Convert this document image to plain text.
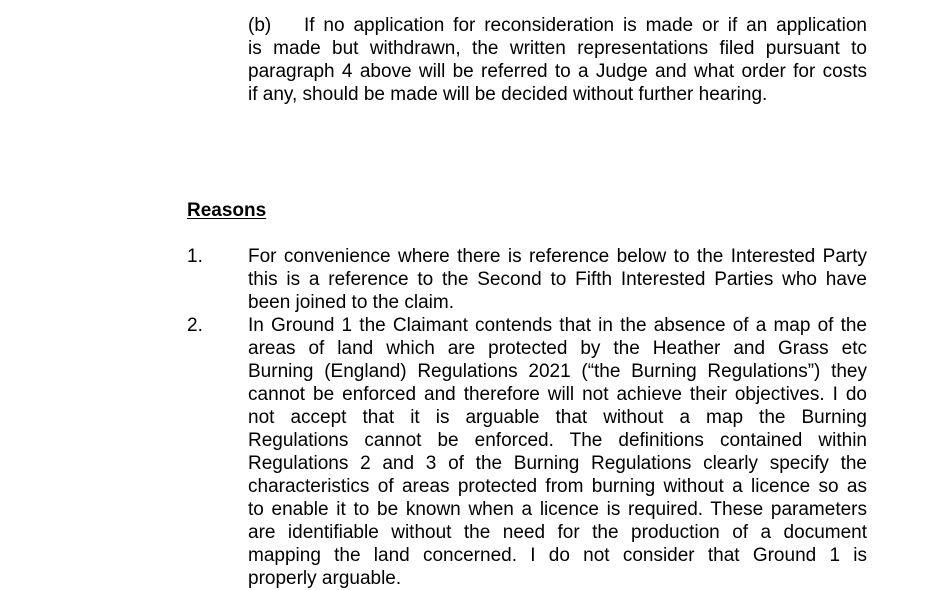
(b) If no application for reconsideration is made or if an application
is made but withdrawn, the written representations filed pursuant to
paragraph 4 above will be referred to a Judge and what order for costs
if any, should be made will be decided without further hearing.
Reasons
1. For convenience where there is reference below to the Interested Party
this is a reference to the Second to Fifth Interested Parties who have
been joined to the claim.
2. In Ground 1 the Claimant contends that in the absence of a map of the
areas of land which are protected by the Heather and Grass etc
Burning (England) Regulations 2021 (“the Burning Regulations”) they
cannot be enforced and therefore will not achieve their objectives. I do
not accept that it is arguable that without a map the Burning
Regulations cannot be enforced. The definitions contained within
Regulations 2 and 3 of the Burning Regulations clearly specify the
characteristics of areas protected from burning without a licence so as
to enable it to be known when a licence is required. These parameters
are identifiable without the need for the production of a document
mapping the land concerned. I do not consider that Ground 1 is
properly arguable.
